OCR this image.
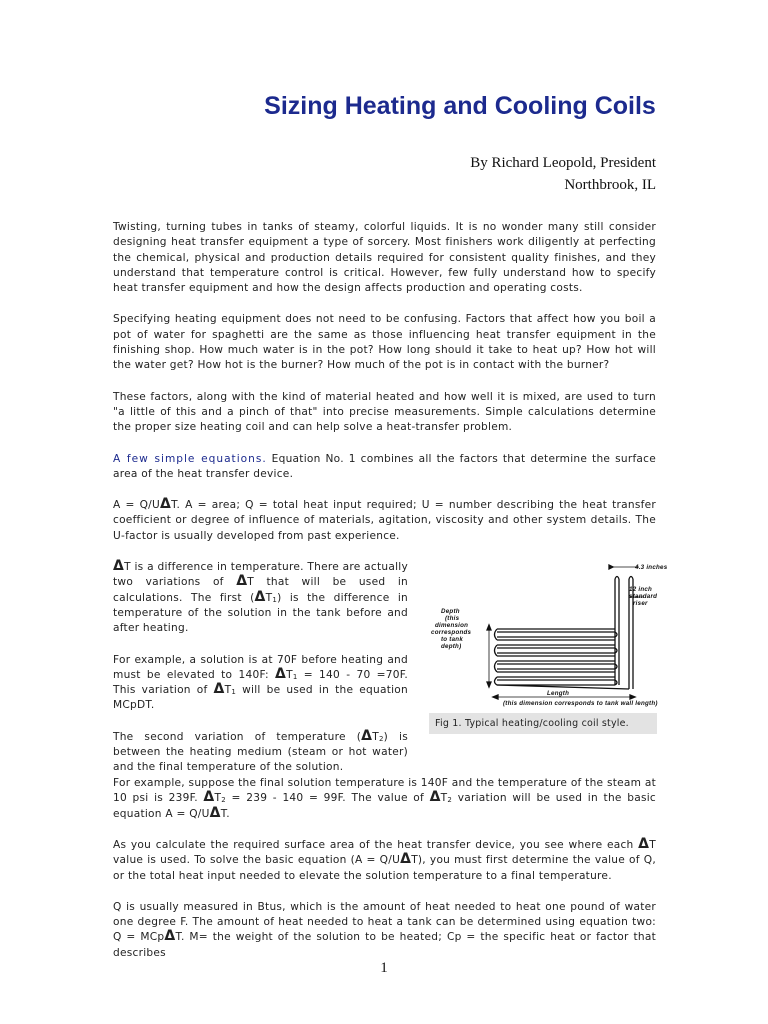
Sizing Heating and Cooling Coils
By Richard Leopold, President
Northbrook, IL

Twisting, turning tubes in tanks of steamy, colorful liquids. It is no wonder many still consider designing heat transfer equipment a type of sorcery. Most finishers work diligently at perfecting the chemical, physical and production details required for consistent quality finishes, and they understand that temperature control is critical. However, few fully understand how to specify heat transfer equipment and how the design affects production and operating costs.

Specifying heating equipment does not need to be confusing. Factors that affect how you boil a pot of water for spaghetti are the same as those influencing heat transfer equipment in the finishing shop. How much water is in the pot? How long should it take to heat up? How hot will the water get? How hot is the burner? How much of the pot is in contact with the burner?

These factors, along with the kind of material heated and how well it is mixed, are used to turn "a little of this and a pinch of that" into precise measurements. Simple calculations determine the proper size heating coil and can help solve a heat-transfer problem.

A few simple equations. Equation No. 1 combines all the factors that determine the surface area of the heat transfer device.

A = Q/UΔT. A = area; Q = total heat input required; U = number describing the heat transfer coefficient or degree of influence of materials, agitation, viscosity and other system details. The U-factor is usually developed from past experience.

ΔT is a difference in temperature. There are actually two variations of ΔT that will be used in calculations. The first $(\Delta T_1)$ is the difference in temperature of the solution in the tank before and after heating.

For example, a solution is at 70F before heating and must be elevated to 140F: $\Delta T_1 = 140 - 70 =70F$. This variation of $\Delta T_1$ will be used in the equation MCpDT.

The second variation of temperature $(\Delta T_2)$ is between the heating medium (steam or hot water) and the final temperature of the solution.

4.3 inches
12 inch
standard
riser
Depth
(this
dimension
corresponds
to tank
depth)
Length
(this dimension corresponds to tank wall length)
Fig 1. Typical heating/cooling coil style.

For example, suppose the final solution temperature is 140F and the temperature of the steam at 10 psi is 239F. $\Delta T_2 = 239 - 140 = 99F$. The value of $\Delta T_2$ variation will be used in the basic equation A = Q/UΔT.

As you calculate the required surface area of the heat transfer device, you see where each ΔT value is used. To solve the basic equation (A = Q/UΔT), you must first determine the value of Q, or the total heat input needed to elevate the solution temperature to a final temperature.

Q is usually measured in Btus, which is the amount of heat needed to heat one pound of water one degree F. The amount of heat needed to heat a tank can be determined using equation two: Q = MCpΔT. M= the weight of the solution to be heated; Cp = the specific heat or factor that describes

1
